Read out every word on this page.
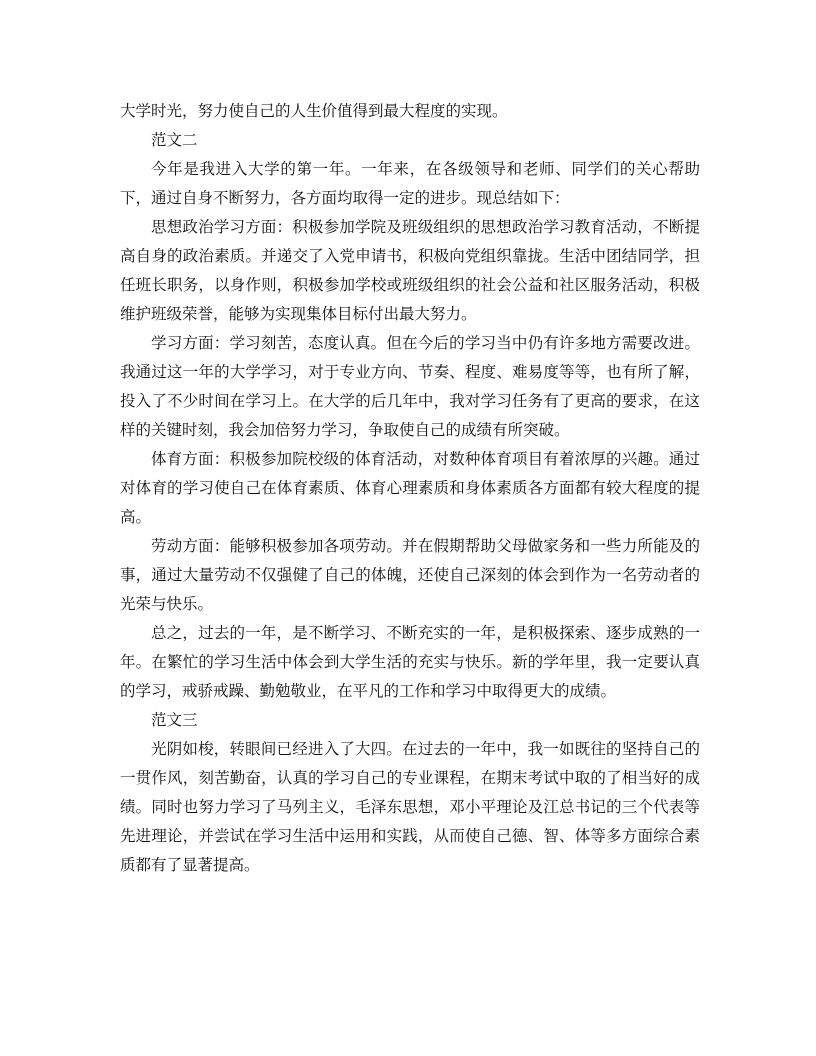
大学时光，努力使自己的人生价值得到最大程度的实现。

范文二

今年是我进入大学的第一年。一年来，在各级领导和老师、同学们的关心帮助下，通过自身不断努力，各方面均取得一定的进步。现总结如下：

思想政治学习方面：积极参加学院及班级组织的思想政治学习教育活动，不断提高自身的政治素质。并递交了入党申请书，积极向党组织靠拢。生活中团结同学，担任班长职务，以身作则，积极参加学校或班级组织的社会公益和社区服务活动，积极维护班级荣誉，能够为实现集体目标付出最大努力。

学习方面：学习刻苦，态度认真。但在今后的学习当中仍有许多地方需要改进。我通过这一年的大学学习，对于专业方向、节奏、程度、难易度等等，也有所了解，投入了不少时间在学习上。在大学的后几年中，我对学习任务有了更高的要求，在这样的关键时刻，我会加倍努力学习，争取使自己的成绩有所突破。

体育方面：积极参加院校级的体育活动，对数种体育项目有着浓厚的兴趣。通过对体育的学习使自己在体育素质、体育心理素质和身体素质各方面都有较大程度的提高。

劳动方面：能够积极参加各项劳动。并在假期帮助父母做家务和一些力所能及的事，通过大量劳动不仅强健了自己的体魄，还使自己深刻的体会到作为一名劳动者的光荣与快乐。

总之，过去的一年，是不断学习、不断充实的一年，是积极探索、逐步成熟的一年。在繁忙的学习生活中体会到大学生活的充实与快乐。新的学年里，我一定要认真的学习，戒骄戒躁、勤勉敬业，在平凡的工作和学习中取得更大的成绩。

范文三

光阴如梭，转眼间已经进入了大四。在过去的一年中，我一如既往的坚持自己的一贯作风，刻苦勤奋，认真的学习自己的专业课程，在期末考试中取的了相当好的成绩。同时也努力学习了马列主义，毛泽东思想，邓小平理论及江总书记的三个代表等先进理论，并尝试在学习生活中运用和实践，从而使自己德、智、体等多方面综合素质都有了显著提高。
